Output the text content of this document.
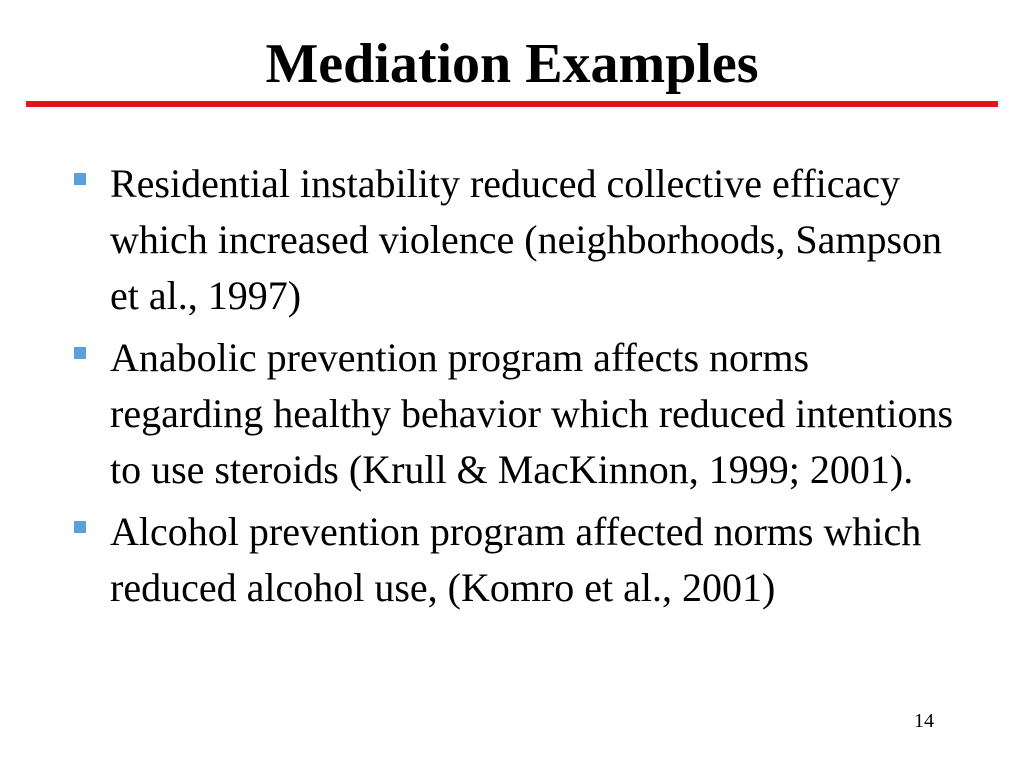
Mediation Examples
Residential instability reduced collective efficacy which increased violence (neighborhoods, Sampson et al., 1997)
Anabolic prevention program affects norms regarding healthy behavior which reduced intentions to use steroids (Krull & MacKinnon, 1999; 2001).
Alcohol prevention program affected norms which reduced alcohol use, (Komro et al., 2001)
14
